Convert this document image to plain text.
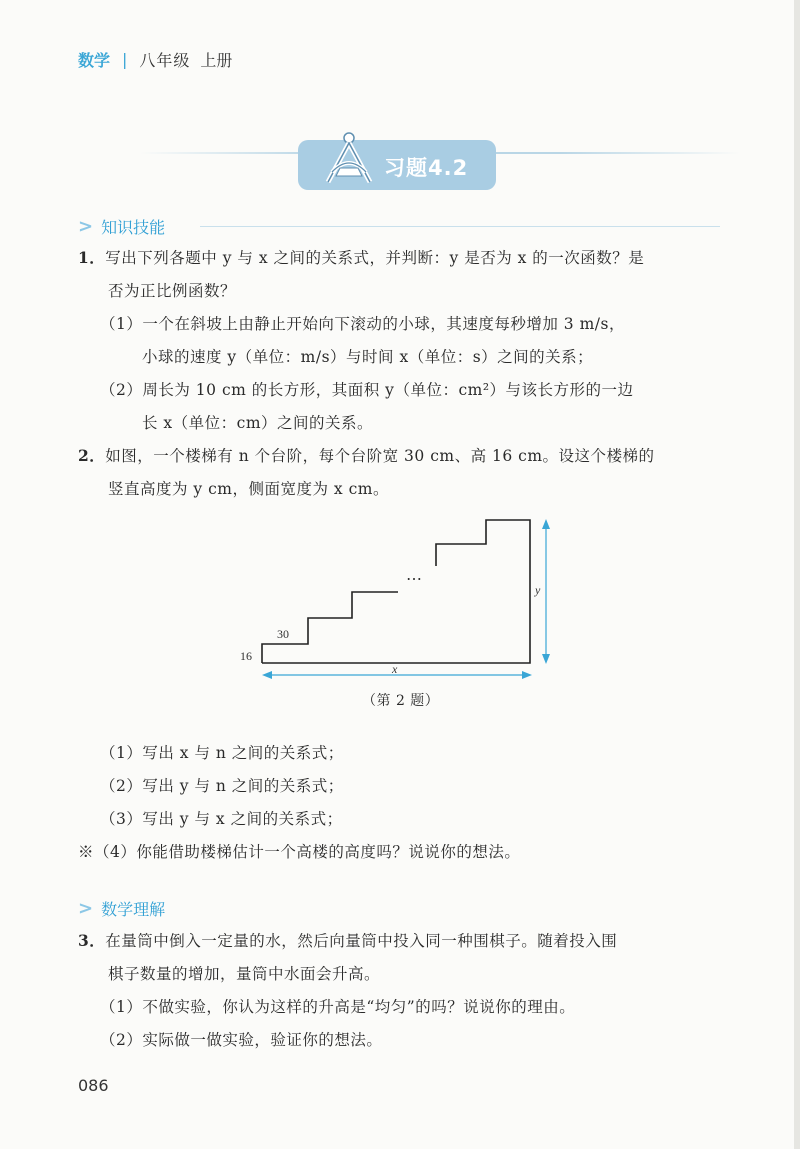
数学 | 八年级 上册
习题4.2
> 知识技能
1．写出下列各题中 y 与 x 之间的关系式，并判断：y 是否为 x 的一次函数？是
否为正比例函数？
（1）一个在斜坡上由静止开始向下滚动的小球，其速度每秒增加 3 m/s，
小球的速度 y（单位：m/s）与时间 x（单位：s）之间的关系；
（2）周长为 10 cm 的长方形，其面积 y（单位：cm²）与该长方形的一边
长 x（单位：cm）之间的关系。
2．如图，一个楼梯有 n 个台阶，每个台阶宽 30 cm、高 16 cm。设这个楼梯的
竖直高度为 y cm，侧面宽度为 x cm。
30
16
x
y
…
（第 2 题）
（1）写出 x 与 n 之间的关系式；
（2）写出 y 与 n 之间的关系式；
（3）写出 y 与 x 之间的关系式；
※（4）你能借助楼梯估计一个高楼的高度吗？说说你的想法。
> 数学理解
3．在量筒中倒入一定量的水，然后向量筒中投入同一种围棋子。随着投入围
棋子数量的增加，量筒中水面会升高。
（1）不做实验，你认为这样的升高是“均匀”的吗？说说你的理由。
（2）实际做一做实验，验证你的想法。
086
